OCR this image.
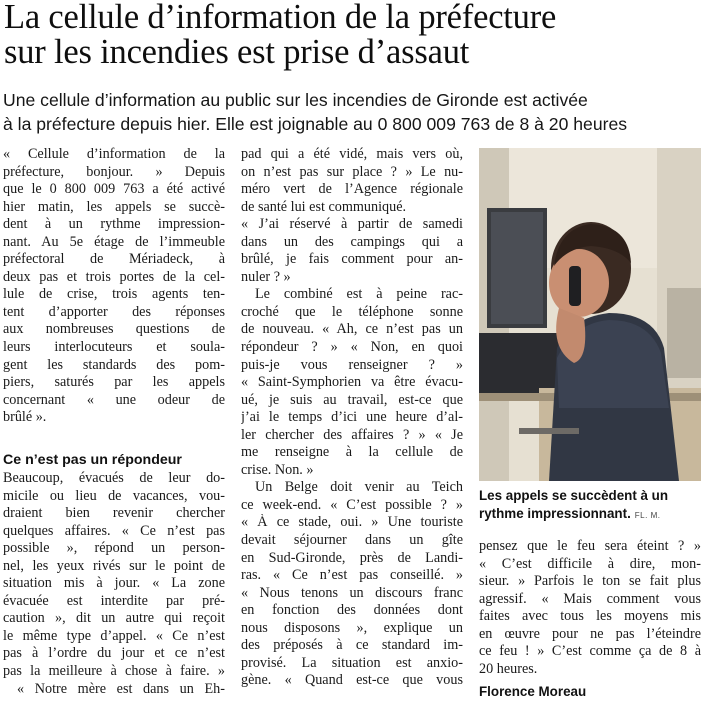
La cellule d’information de la préfecture
sur les incendies est prise d’assaut

Une cellule d’information au public sur les incendies de Gironde est activée
à la préfecture depuis hier. Elle est joignable au 0 800 009 763 de 8 à 20 heures

« Cellule d’information de la
préfecture, bonjour. » Depuis
que le 0 800 009 763 a été activé
hier matin, les appels se succè-
dent à un rythme impression-
nant. Au 5e étage de l’immeuble
préfectoral de Mériadeck, à
deux pas et trois portes de la cel-
lule de crise, trois agents ten-
tent d’apporter des réponses
aux nombreuses questions de
leurs interlocuteurs et soula-
gent les standards des pom-
piers, saturés par les appels
concernant « une odeur de
brûlé ».
Ce n’est pas un répondeur
Beaucoup, évacués de leur do-
micile ou lieu de vacances, vou-
draient bien revenir chercher
quelques affaires. « Ce n’est pas
possible », répond un person-
nel, les yeux rivés sur le point de
situation mis à jour. « La zone
évacuée est interdite par pré-
caution », dit un autre qui reçoit
le même type d’appel. « Ce n’est
pas à l’ordre du jour et ce n’est
pas la meilleure à chose à faire. »
« Notre mère est dans un Eh-
pad qui a été vidé, mais vers où,
on n’est pas sur place ? » Le nu-
méro vert de l’Agence régionale
de santé lui est communiqué.
« J’ai réservé à partir de samedi
dans un des campings qui a
brûlé, je fais comment pour an-
nuler ? »
Le combiné est à peine rac-
croché que le téléphone sonne
de nouveau. « Ah, ce n’est pas un
répondeur ? » « Non, en quoi
puis-je vous renseigner ? »
« Saint-Symphorien va être évacu-
ué, je suis au travail, est-ce que
j’ai le temps d’ici une heure d’al-
ler chercher des affaires ? » « Je
me renseigne à la cellule de
crise. Non. »
Un Belge doit venir au Teich
ce week-end. « C’est possible ? »
« À ce stade, oui. » Une touriste
devait séjourner dans un gîte
en Sud-Gironde, près de Landi-
ras. « Ce n’est pas conseillé. »
« Nous tenons un discours franc
en fonction des données dont
nous disposons », explique un
des préposés à ce standard im-
provisé. La situation est anxio-
gène. « Quand est-ce que vous
Les appels se succèdent à un
rythme impressionnant. FL. M.
pensez que le feu sera éteint ? »
« C’est difficile à dire, mon-
sieur. » Parfois le ton se fait plus
agressif. « Mais comment vous
faites avec tous les moyens mis
en œuvre pour ne pas l’éteindre
ce feu ! » C’est comme ça de 8 à
20 heures.
Florence Moreau
